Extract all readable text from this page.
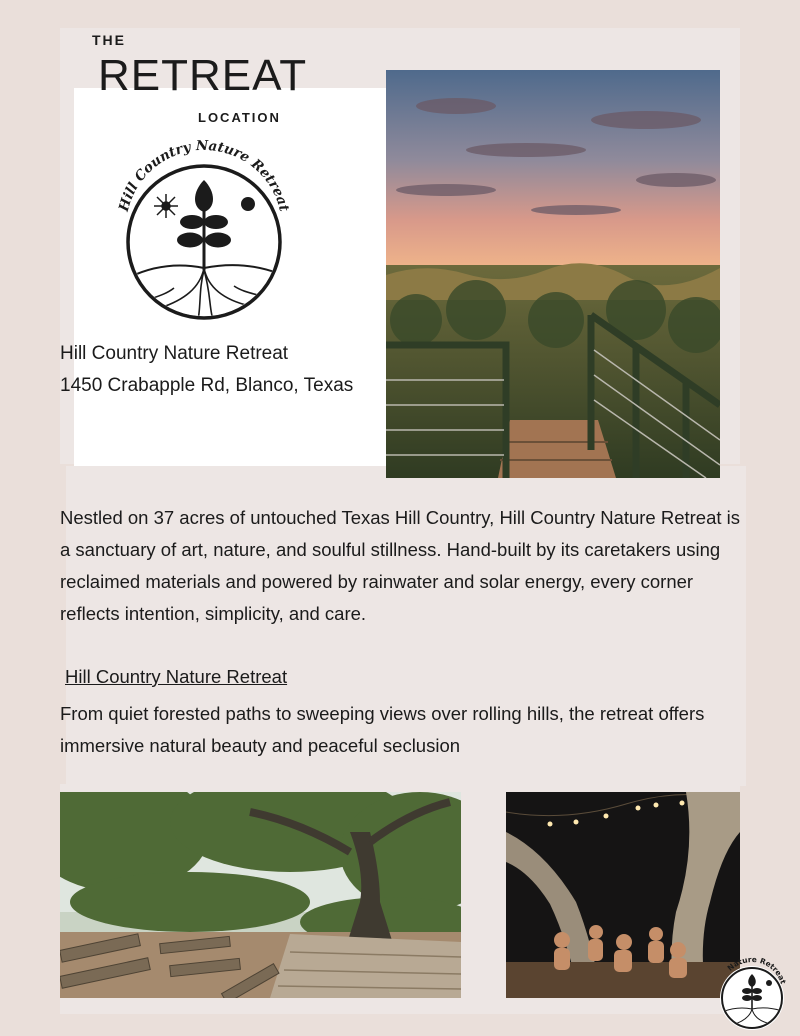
THE
RETREAT
LOCATION
Hill Country Nature Retreat
Hill Country Nature Retreat
1450 Crabapple Rd, Blanco, Texas
Nestled on 37 acres of untouched Texas Hill Country, Hill Country Nature Retreat is a sanctuary of art, nature, and soulful stillness. Hand-built by its caretakers using reclaimed materials and powered by rainwater and solar energy, every corner reflects intention, simplicity, and care.
Hill Country Nature Retreat
From quiet forested paths to sweeping views over rolling hills, the retreat offers immersive natural beauty and peaceful seclusion
Nature Retreat
